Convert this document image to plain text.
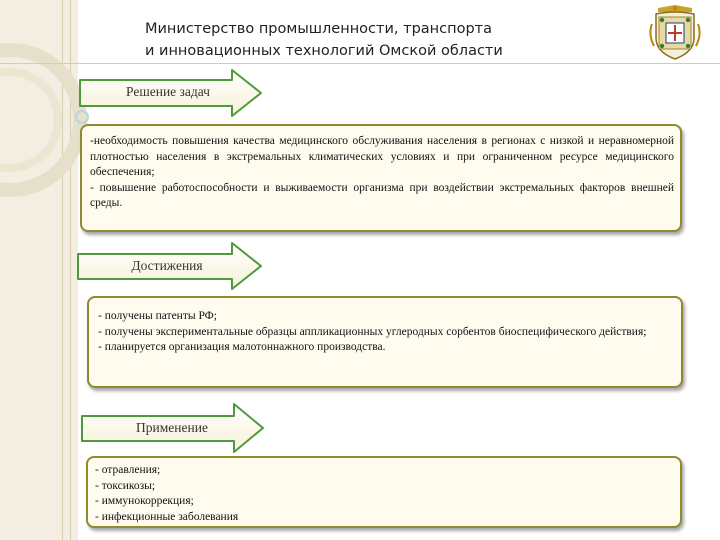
Министерство промышленности, транспорта
и инновационных технологий Омской области
Решение задач

-необходимость повышения качества медицинского обслуживания населения в регионах с низкой и неравномерной плотностью населения в экстремальных климатических условиях и при ограниченном ресурсе медицинского обеспечения;

- повышение работоспособности и выживаемости организма при воздействии экстремальных факторов внешней среды.

Достижения

- получены патенты РФ;

- получены экспериментальные образцы аппликационных углеродных сорбентов биоспецифического действия;

- планируется организация малотоннажного производства.

Применение

- отравления;

- токсикозы;

- иммунокоррекция;

- инфекционные заболевания
